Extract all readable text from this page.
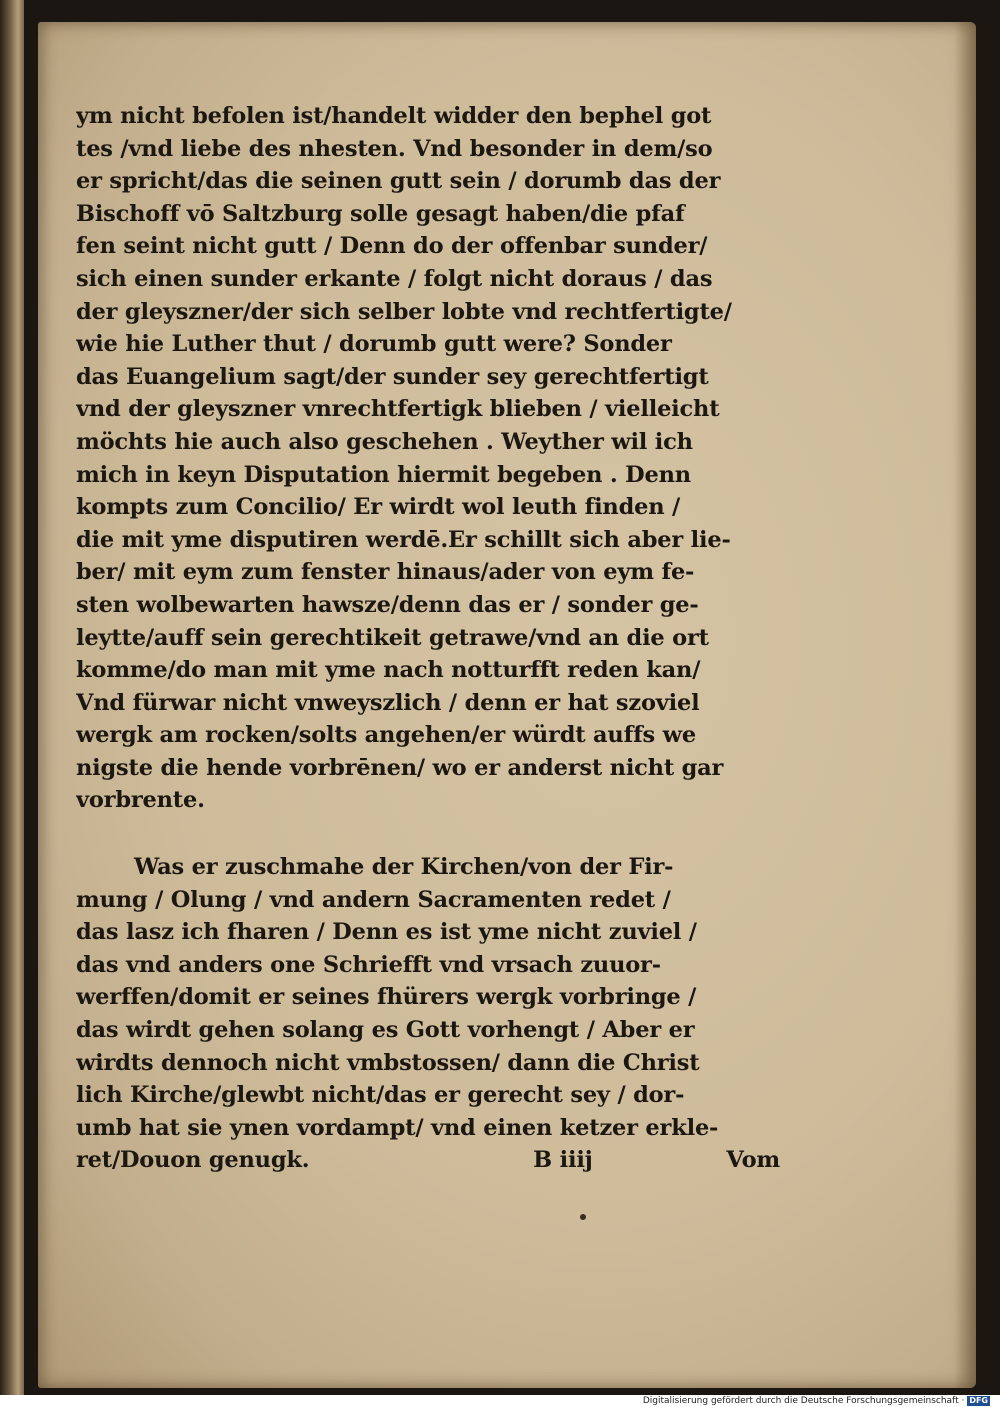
ym nicht befolen ist/handelt widder den bephel got
tes /vnd liebe des nhesten. Vnd besonder in dem/so
er spricht/das die seinen gutt sein / dorumb das der
Bischoff vō Saltzburg solle gesagt haben/die pfaf
fen seint nicht gutt / Denn do der offenbar sunder/
sich einen sunder erkante / folgt nicht doraus / das
der gleyszner/der sich selber lobte vnd rechtfertigte/
wie hie Luther thut / dorumb gutt were? Sonder
das Euangelium sagt/der sunder sey gerechtfertigt
vnd der gleyszner vnrechtfertigk blieben / vielleicht
möchts hie auch also geschehen . Weyther wil ich
mich in keyn Disputation hiermit begeben . Denn
kompts zum Concilio/ Er wirdt wol leuth finden /
die mit yme disputiren werdē.Er schillt sich aber lie-
ber/ mit eym zum fenster hinaus/ader von eym fe-
sten wolbewarten hawsze/denn das er / sonder ge-
leytte/auff sein gerechtikeit getrawe/vnd an die ort
komme/do man mit yme nach notturfft reden kan/
Vnd fürwar nicht vnweyszlich / denn er hat szoviel
wergk am rocken/solts angehen/er würdt auffs we
nigste die hende vorbrēnen/ wo er anderst nicht gar
vorbrente.
Was er zuschmahe der Kirchen/von der Fir-
mung / Olung / vnd andern Sacramenten redet /
das lasz ich fharen / Denn es ist yme nicht zuviel /
das vnd anders one Schriefft vnd vrsach zuuor-
werffen/domit er seines fhürers wergk vorbringe /
das wirdt gehen solang es Gott vorhengt / Aber er
wirdts dennoch nicht vmbstossen/ dann die Christ
lich Kirche/glewbt nicht/das er gerecht sey / dor-
umb hat sie ynen vordampt/ vnd einen ketzer erkle-
ret/Douon genugk.	B iiij	Vom
Digitalisierung gefördert durch die Deutsche Forschungsgemeinschaft · DFG
